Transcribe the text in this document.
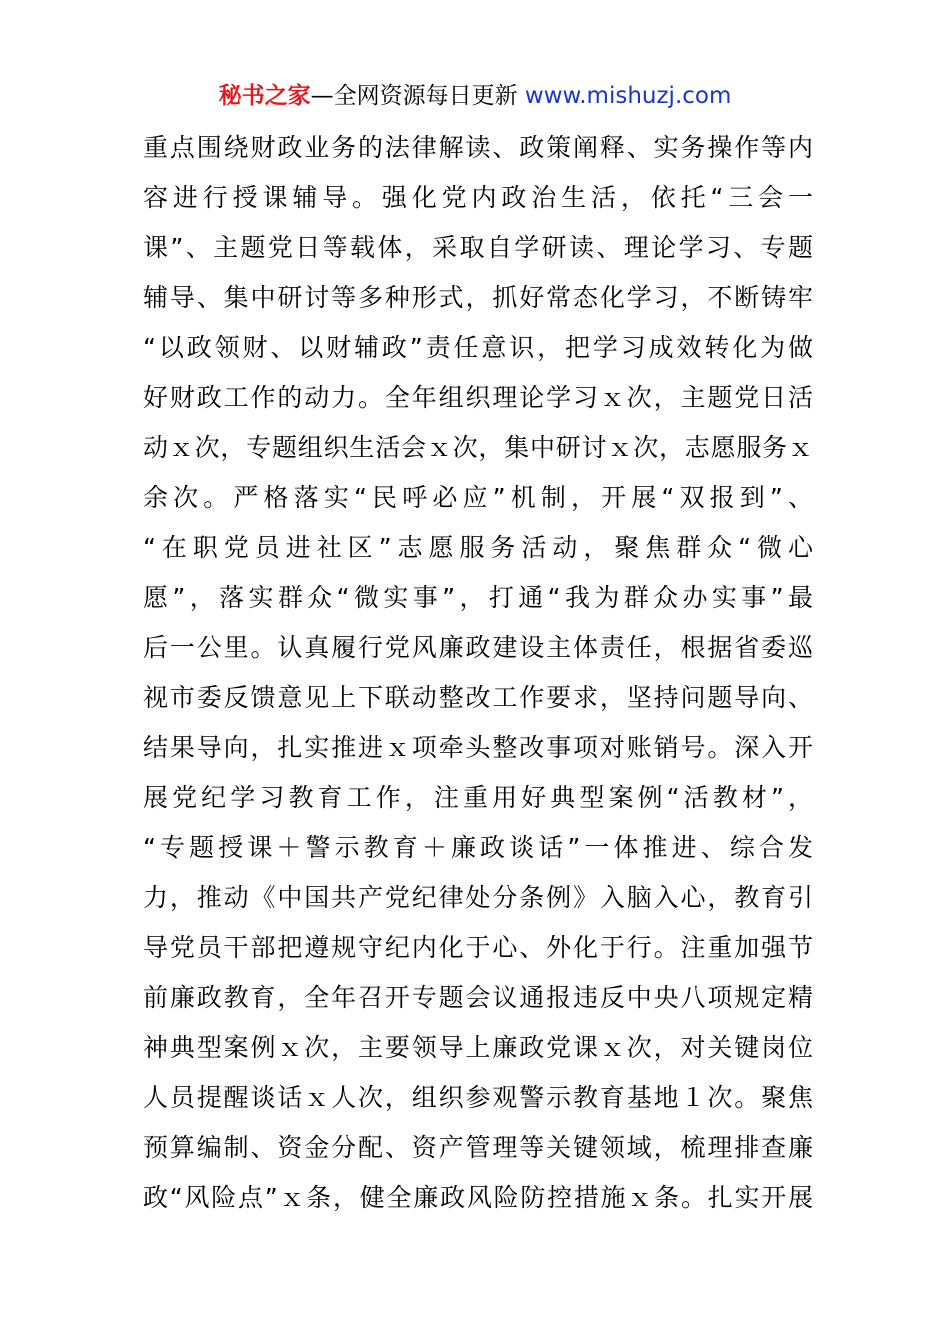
秘书之家—全网资源每日更新 www.mishuzj.com
重点围绕财政业务的法律解读、政策阐释、实务操作等内
容进行授课辅导。强化党内政治生活，依托“三会一
课”、主题党日等载体，采取自学研读、理论学习、专题
辅导、集中研讨等多种形式，抓好常态化学习，不断铸牢
“以政领财、以财辅政”责任意识，把学习成效转化为做
好财政工作的动力。全年组织理论学习ｘ次，主题党日活
动ｘ次，专题组织生活会ｘ次，集中研讨ｘ次，志愿服务ｘ
余次。严格落实“民呼必应”机制，开展“双报到”、
“在职党员进社区”志愿服务活动，聚焦群众“微心
愿”，落实群众“微实事”，打通“我为群众办实事”最
后一公里。认真履行党风廉政建设主体责任，根据省委巡
视市委反馈意见上下联动整改工作要求，坚持问题导向、
结果导向，扎实推进ｘ项牵头整改事项对账销号。深入开
展党纪学习教育工作，注重用好典型案例“活教材”，
“专题授课＋警示教育＋廉政谈话”一体推进、综合发
力，推动《中国共产党纪律处分条例》入脑入心，教育引
导党员干部把遵规守纪内化于心、外化于行。注重加强节
前廉政教育，全年召开专题会议通报违反中央八项规定精
神典型案例ｘ次，主要领导上廉政党课ｘ次，对关键岗位
人员提醒谈话ｘ人次，组织参观警示教育基地１次。聚焦
预算编制、资金分配、资产管理等关键领域，梳理排查廉
政“风险点”ｘ条，健全廉政风险防控措施ｘ条。扎实开展
